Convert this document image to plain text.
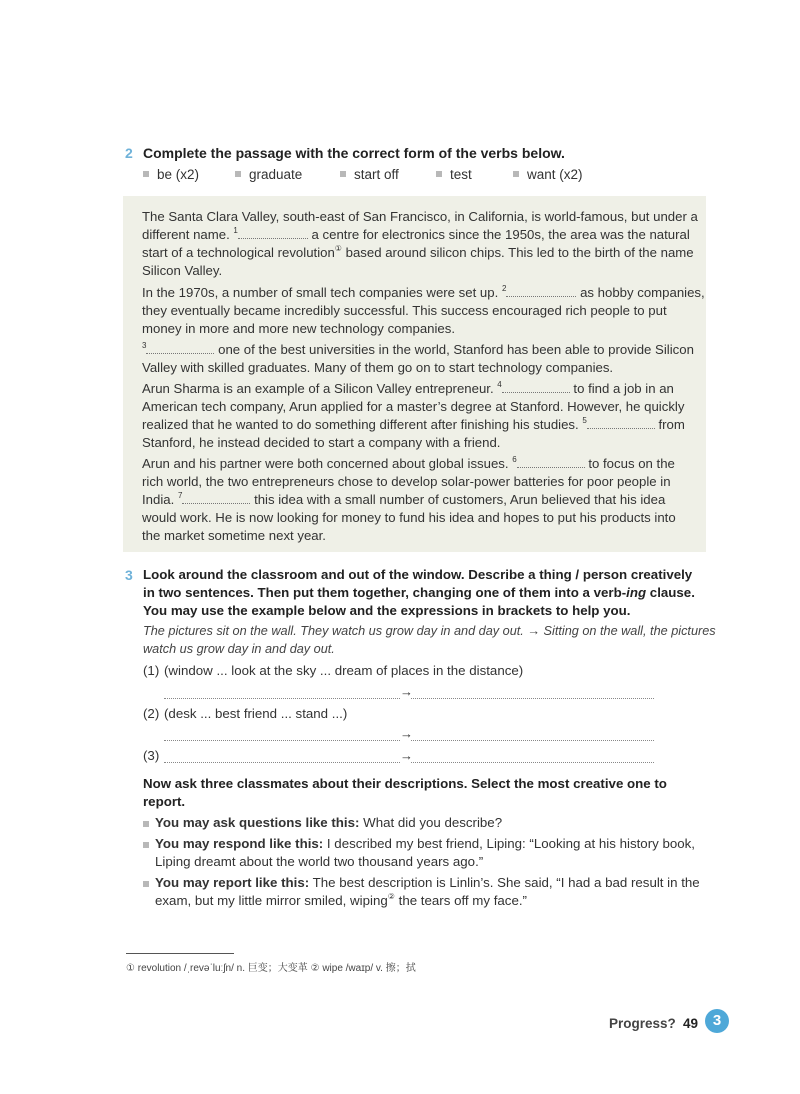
2 Complete the passage with the correct form of the verbs below.
be (x2)	graduate	start off	test	want (x2)
The Santa Clara Valley, south-east of San Francisco, in California, is world-famous, but under a
different name. $^1$	a centre for electronics since the 1950s, the area was the natural
start of a technological revolution① based around silicon chips. This led to the birth of the name
Silicon Valley.
In the 1970s, a number of small tech companies were set up. $^2$	as hobby companies,
they eventually became incredibly successful. This success encouraged rich people to put
money in more and more new technology companies.
$^3$	one of the best universities in the world, Stanford has been able to provide Silicon
Valley with skilled graduates. Many of them go on to start technology companies.
Arun Sharma is an example of a Silicon Valley entrepreneur. $^4$	to find a job in an
American tech company, Arun applied for a master’s degree at Stanford. However, he quickly
realized that he wanted to do something different after finishing his studies. $^5$	from
Stanford, he instead decided to start a company with a friend.
Arun and his partner were both concerned about global issues. $^6$	to focus on the
rich world, the two entrepreneurs chose to develop solar-power batteries for poor people in
India. $^7$	this idea with a small number of customers, Arun believed that his idea
would work. He is now looking for money to fund his idea and hopes to put his products into
the market sometime next year.
3 Look around the classroom and out of the window. Describe a thing / person creatively
in two sentences. Then put them together, changing one of them into a verb-ing clause.
You may use the example below and the expressions in brackets to help you.
The pictures sit on the wall. They watch us grow day in and day out. → Sitting on the wall, the pictures
watch us grow day in and day out.
(1) (window ... look at the sky ... dream of places in the distance)
→
(2) (desk ... best friend ... stand ...)
→
(3)	→
Now ask three classmates about their descriptions. Select the most creative one to
report.
You may ask questions like this: What did you describe?
You may respond like this: I described my best friend, Liping: “Looking at his history book,
Liping dreamt about the world two thousand years ago.”
You may report like this: The best description is Linlin’s. She said, “I had a bad result in the
exam, but my little mirror smiled, wiping② the tears off my face.”
① revolution /ˌrevəˈluːʃn/ n. 巨变；大变革 ② wipe /waɪp/ v. 擦；拭
Progress? 49 3
